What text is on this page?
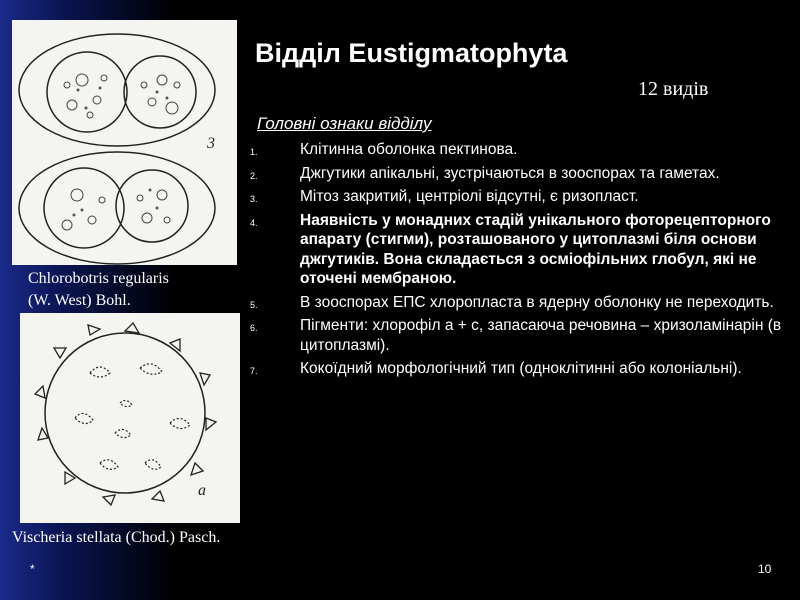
Відділ Eustigmatophyta
12 видів
Головні ознаки відділу
1.	Клітинна оболонка пектинова.
2.	Джгутики апікальні, зустрічаються в зооспорах та гаметах.
3.	Мітоз закритий, центріолі відсутні, є ризопласт.
4.	Наявність у монадних стадій унікального фоторецепторного апарату (стигми), розташованого у цитоплазмі біля основи джгутиків. Вона складається з осміофільних глобул, які не оточені мембраною.
5.	В зооспорах ЕПС хлоропласта в ядерну оболонку не переходить.
6.	Пігменти: хлорофіл а + с, запасаюча речовина – хризоламінарін (в цитоплазмі).
7.	Кокоїдний морфологічний тип (одноклітинні або колоніальні).
3
Chlorobotris regularis
(W. West) Bohl.
a
Vischeria stellata (Chod.) Pasch.
*	10
